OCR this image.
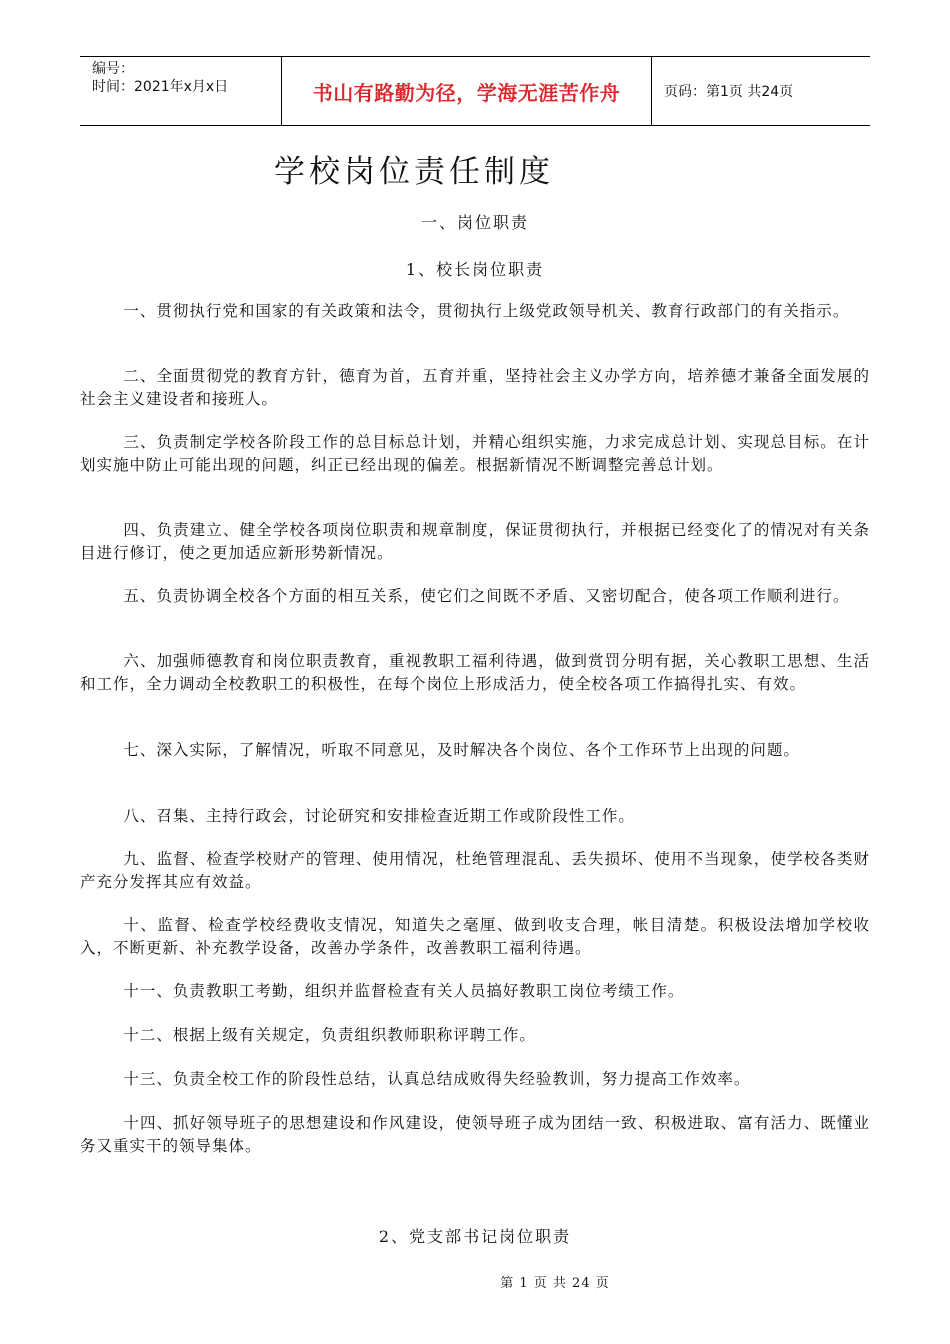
编号：
时间：2021年x月x日	书山有路勤为径，学海无涯苦作舟	页码：第1页 共24页
学校岗位责任制度
一、岗位职责
1、校长岗位职责
一、贯彻执行党和国家的有关政策和法令，贯彻执行上级党政领导机关、教育行政部门的有关指示。
二、全面贯彻党的教育方针，德育为首，五育并重，坚持社会主义办学方向，培养德才兼备全面发展的社会主义建设者和接班人。
三、负责制定学校各阶段工作的总目标总计划，并精心组织实施，力求完成总计划、实现总目标。在计划实施中防止可能出现的问题，纠正已经出现的偏差。根据新情况不断调整完善总计划。
四、负责建立、健全学校各项岗位职责和规章制度，保证贯彻执行，并根据已经变化了的情况对有关条目进行修订，使之更加适应新形势新情况。
五、负责协调全校各个方面的相互关系，使它们之间既不矛盾、又密切配合，使各项工作顺利进行。
六、加强师德教育和岗位职责教育，重视教职工福利待遇，做到赏罚分明有据，关心教职工思想、生活和工作，全力调动全校教职工的积极性，在每个岗位上形成活力，使全校各项工作搞得扎实、有效。
七、深入实际，了解情况，听取不同意见，及时解决各个岗位、各个工作环节上出现的问题。
八、召集、主持行政会，讨论研究和安排检查近期工作或阶段性工作。
九、监督、检查学校财产的管理、使用情况，杜绝管理混乱、丢失损坏、使用不当现象，使学校各类财产充分发挥其应有效益。
十、监督、检查学校经费收支情况，知道失之毫厘、做到收支合理，帐目清楚。积极设法增加学校收入，不断更新、补充教学设备，改善办学条件，改善教职工福利待遇。
十一、负责教职工考勤，组织并监督检查有关人员搞好教职工岗位考绩工作。
十二、根据上级有关规定，负责组织教师职称评聘工作。
十三、负责全校工作的阶段性总结，认真总结成败得失经验教训，努力提高工作效率。
十四、抓好领导班子的思想建设和作风建设，使领导班子成为团结一致、积极进取、富有活力、既懂业务又重实干的领导集体。
2、党支部书记岗位职责
第 1 页 共 24 页
